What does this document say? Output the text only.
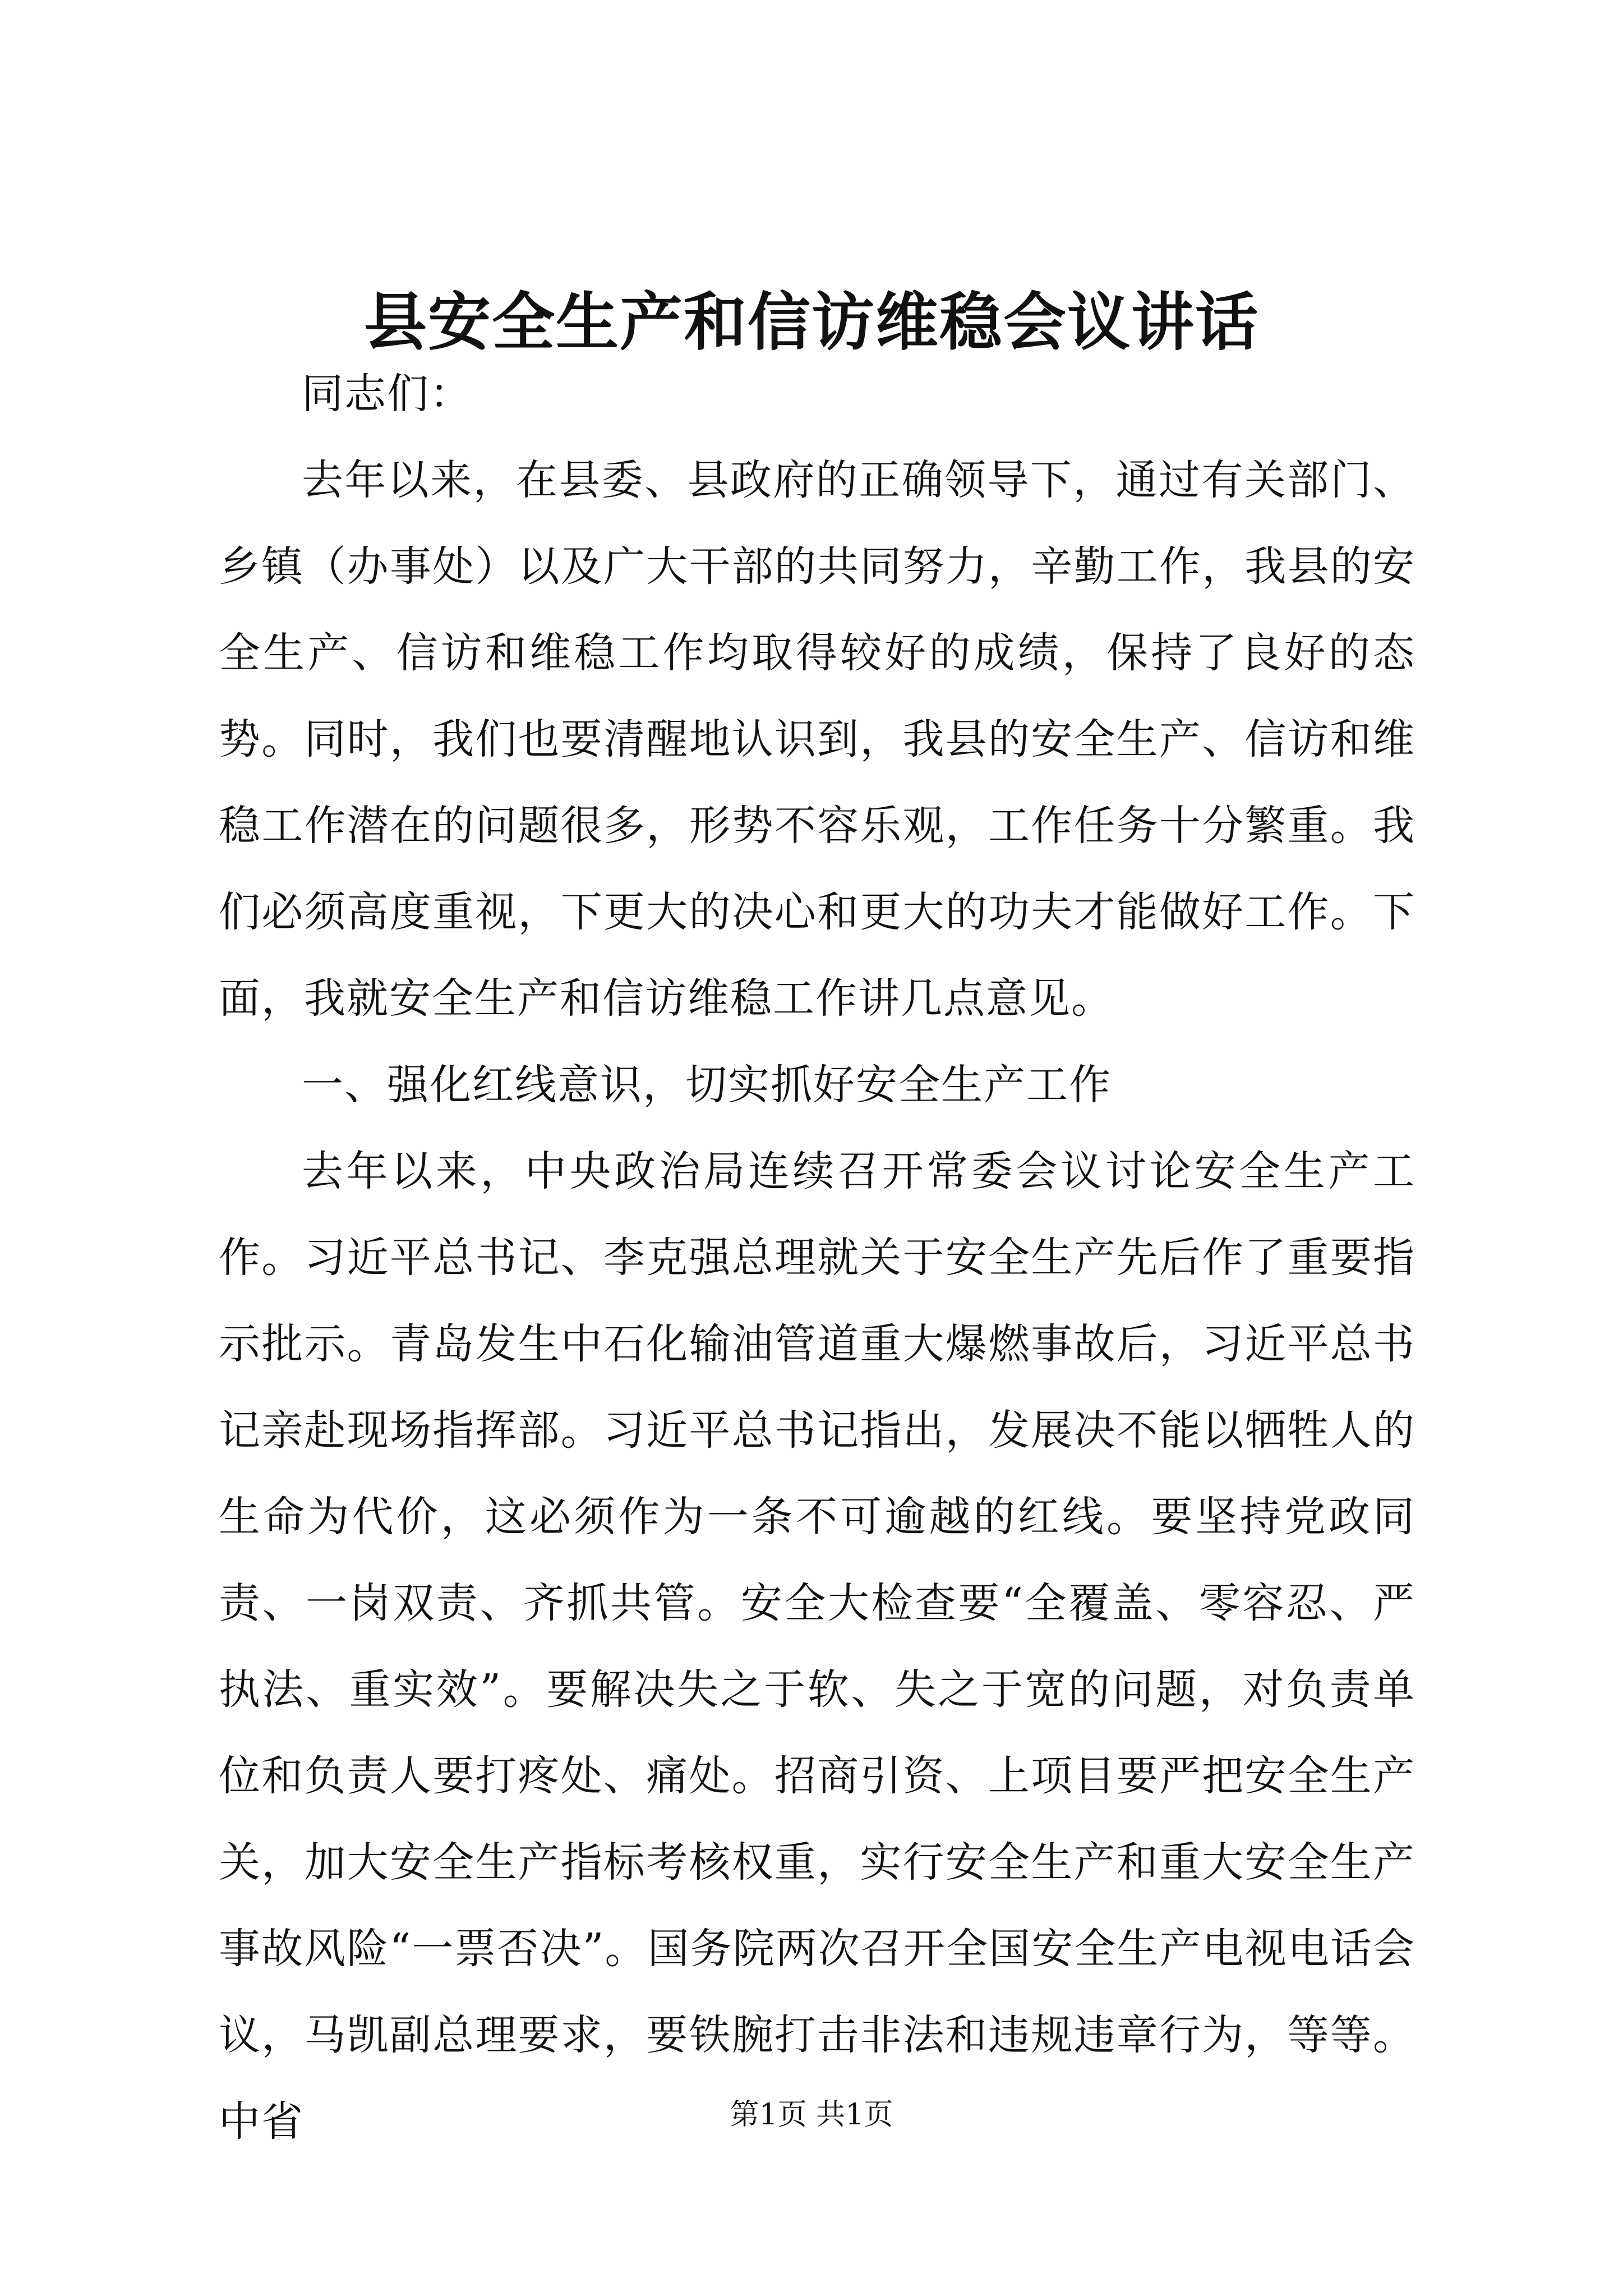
县安全生产和信访维稳会议讲话

同志们：

去年以来，在县委、县政府的正确领导下，通过有关部门、乡镇（办事处）以及广大干部的共同努力，辛勤工作，我县的安全生产、信访和维稳工作均取得较好的成绩，保持了良好的态势。同时，我们也要清醒地认识到，我县的安全生产、信访和维稳工作潜在的问题很多，形势不容乐观，工作任务十分繁重。我们必须高度重视，下更大的决心和更大的功夫才能做好工作。下面，我就安全生产和信访维稳工作讲几点意见。

一、强化红线意识，切实抓好安全生产工作

去年以来，中央政治局连续召开常委会议讨论安全生产工作。习近平总书记、李克强总理就关于安全生产先后作了重要指示批示。青岛发生中石化输油管道重大爆燃事故后，习近平总书记亲赴现场指挥部。习近平总书记指出，发展决不能以牺牲人的生命为代价，这必须作为一条不可逾越的红线。要坚持党政同责、一岗双责、齐抓共管。安全大检查要“全覆盖、零容忍、严执法、重实效”。要解决失之于软、失之于宽的问题，对负责单位和负责人要打疼处、痛处。招商引资、上项目要严把安全生产关，加大安全生产指标考核权重，实行安全生产和重大安全生产事故风险“一票否决”。国务院两次召开全国安全生产电视电话会议，马凯副总理要求，要铁腕打击非法和违规违章行为，等等。中省	第1页 共1页
